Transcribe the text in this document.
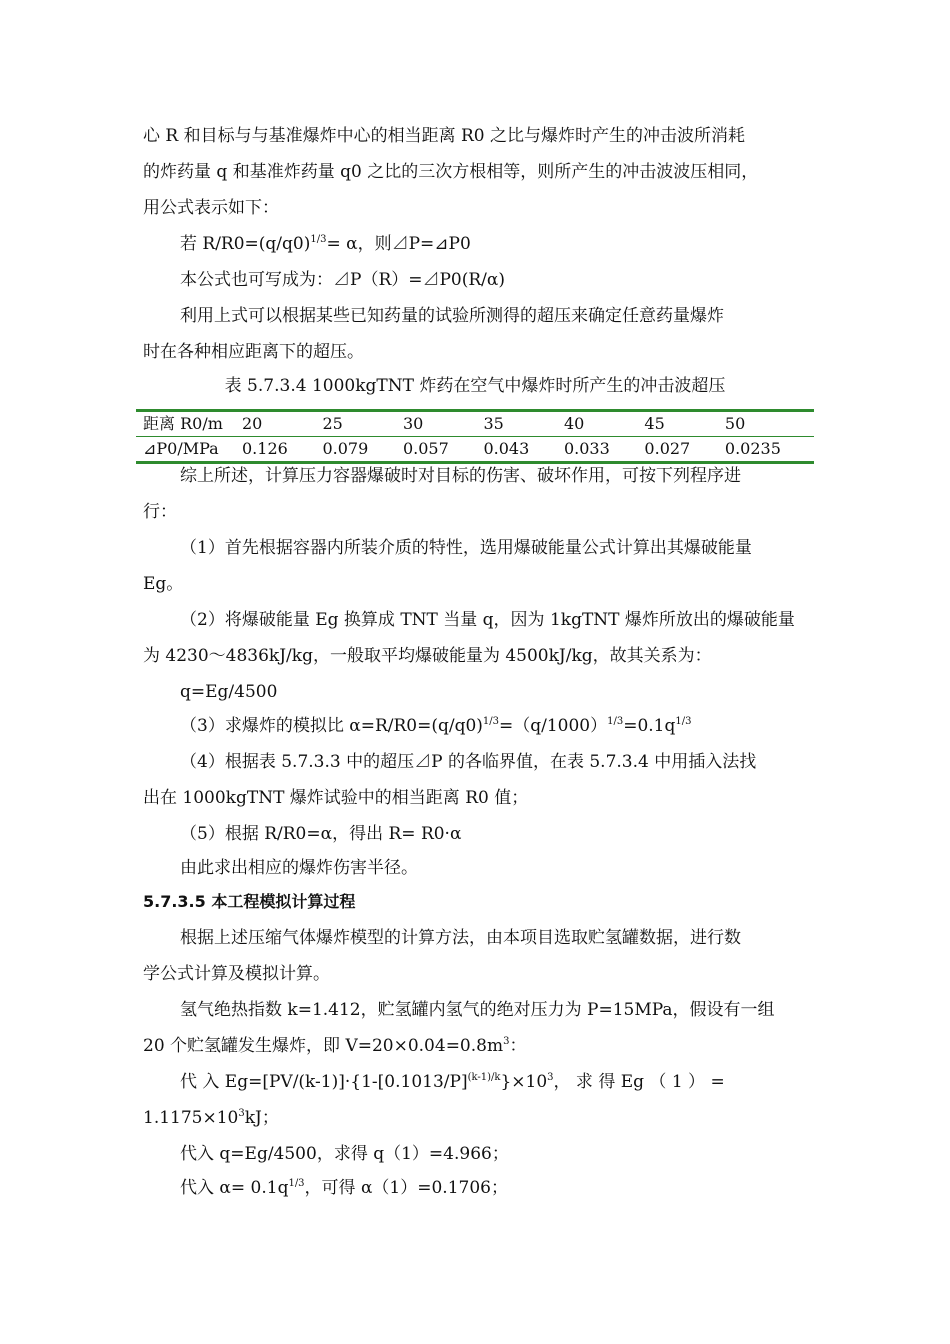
心 R 和目标与与基准爆炸中心的相当距离 R0 之比与爆炸时产生的冲击波所消耗
的炸药量 q 和基准炸药量 q0 之比的三次方根相等，则所产生的冲击波波压相同，
用公式表示如下：
若 $R/R0=(q/q0)^{1/3}= \alpha$，则⊿P=⊿P0
本公式也可写成为：⊿P（R）=⊿P0(R/α)
利用上式可以根据某些已知药量的试验所测得的超压来确定任意药量爆炸
时在各种相应距离下的超压。
表 5.7.3.4 1000kgTNT 炸药在空气中爆炸时所产生的冲击波超压
距离 R0/m	20	25	30	35	40	45	50
⊿P0/MPa	0.126	0.079	0.057	0.043	0.033	0.027	0.0235
综上所述，计算压力容器爆破时对目标的伤害、破坏作用，可按下列程序进
行：
（1）首先根据容器内所装介质的特性，选用爆破能量公式计算出其爆破能量
Eg。
（2）将爆破能量 Eg 换算成 TNT 当量 q，因为 1kgTNT 爆炸所放出的爆破能量
为 4230～4836kJ/kg，一般取平均爆破能量为 4500kJ/kg，故其关系为：
q=Eg/4500
（3）求爆炸的模拟比 $\alpha=R/R0=(q/q0)^{1/3}=(q/1000)^{1/3}=0.1q^{1/3}$
（4）根据表 5.7.3.3 中的超压⊿P 的各临界值，在表 5.7.3.4 中用插入法找
出在 1000kgTNT 爆炸试验中的相当距离 R0 值；
（5）根据 R/R0=α，得出 R= R0·α
由此求出相应的爆炸伤害半径。
5.7.3.5 本工程模拟计算过程
根据上述压缩气体爆炸模型的计算方法，由本项目选取贮氢罐数据，进行数
学公式计算及模拟计算。
氢气绝热指数 k=1.412，贮氢罐内氢气的绝对压力为 P=15MPa，假设有一组
20 个贮氢罐发生爆炸，即 $V=20\times 0.04=0.8m^3$：
代 入 $Eg=[PV/(k-1)]\cdot\{1-[0.1013/P]^{(k-1)/k}\}\times 10^3$， 求 得 Eg （ 1 ） =
$1.1175\times 10^3kJ$；
代入 q=Eg/4500，求得 q（1）=4.966；
代入 $\alpha= 0.1q^{1/3}$，可得 α（1）=0.1706；
